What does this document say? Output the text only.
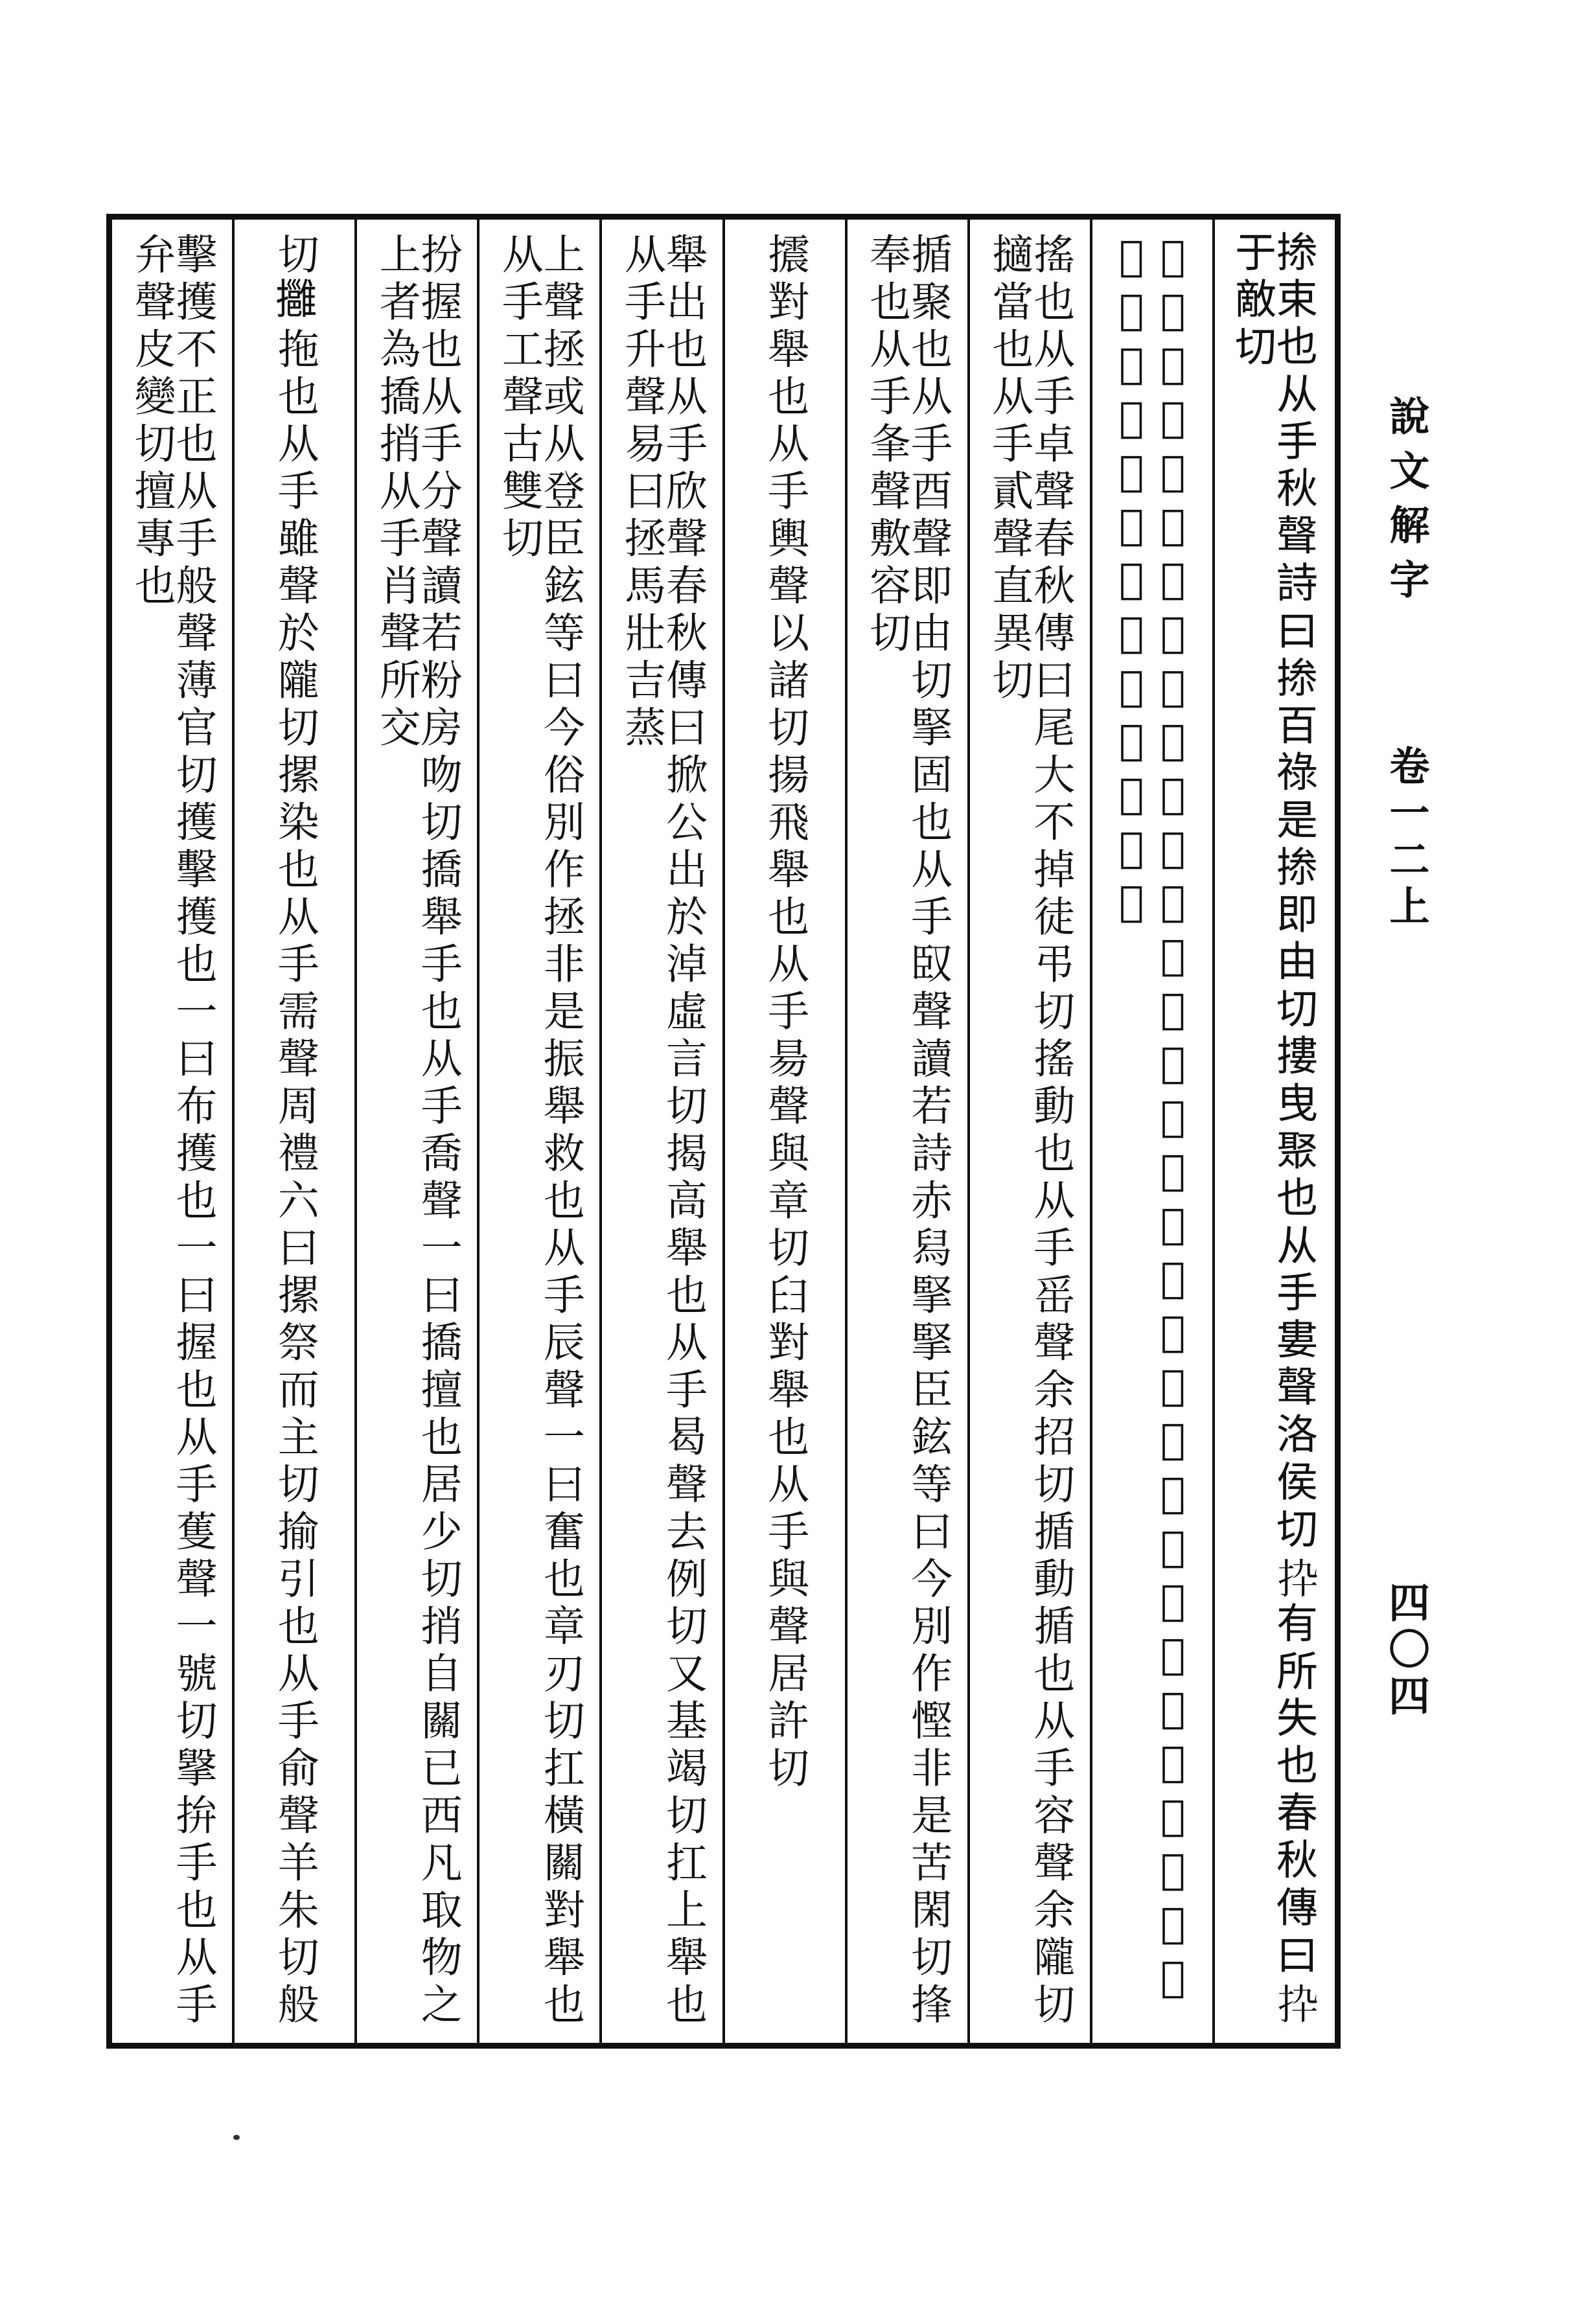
說文解字
卷一二上
四〇四
𢮥束也从手秋聲詩曰𢮥百祿是𢮥即由切摟曳聚也从手婁聲洛侯切𢪄有所失也春秋傳曰𢪄于敵切
𢫳从刅持曰披从手皮聲敷羈切掔引縱曰掔从手瘛省聲尺制切𢫽積也詩曰助我舉𢫽搣頰旁也从手此聲前智切
搖也从手卓聲春秋傳曰尾大不掉徒弔切搖動也从手䍃聲余招切揗動揗也从手容聲余隴切擿當也从手貳聲直異切
揗聚也从手酉聲即由切掔固也从手臤聲讀若詩赤舄掔掔臣鉉等曰今別作慳非是苦閑切捀奉也从手夆聲敷容切
𢸍對舉也从手輿聲以諸切揚飛舉也从手昜聲與章切𦥑對舉也从手與聲居許切
舉出也从手欣聲春秋傳曰掀公出於淖虛言切揭高舉也从手曷聲去例切又基竭切扛上舉也从手升聲易曰拯馬壯吉蒸
上聲拯或从登臣鉉等曰今俗別作拯非是振舉救也从手辰聲一曰奮也章刃切扛橫關對舉也从手工聲古雙切
扮握也从手分聲讀若粉房吻切撟舉手也从手喬聲一曰撟擅也居少切捎自關已西凡取物之上者為撟捎从手肖聲所交
切𢹬拖也从手雖聲於隴切摞染也从手需聲周禮六曰摞祭而主切揄引也从手俞聲羊朱切般
擊擭不正也从手般聲薄官切擭擊擭也一曰布擭也一曰握也从手蒦聲一號切㩓拚手也从手弁聲皮變切擅專也
